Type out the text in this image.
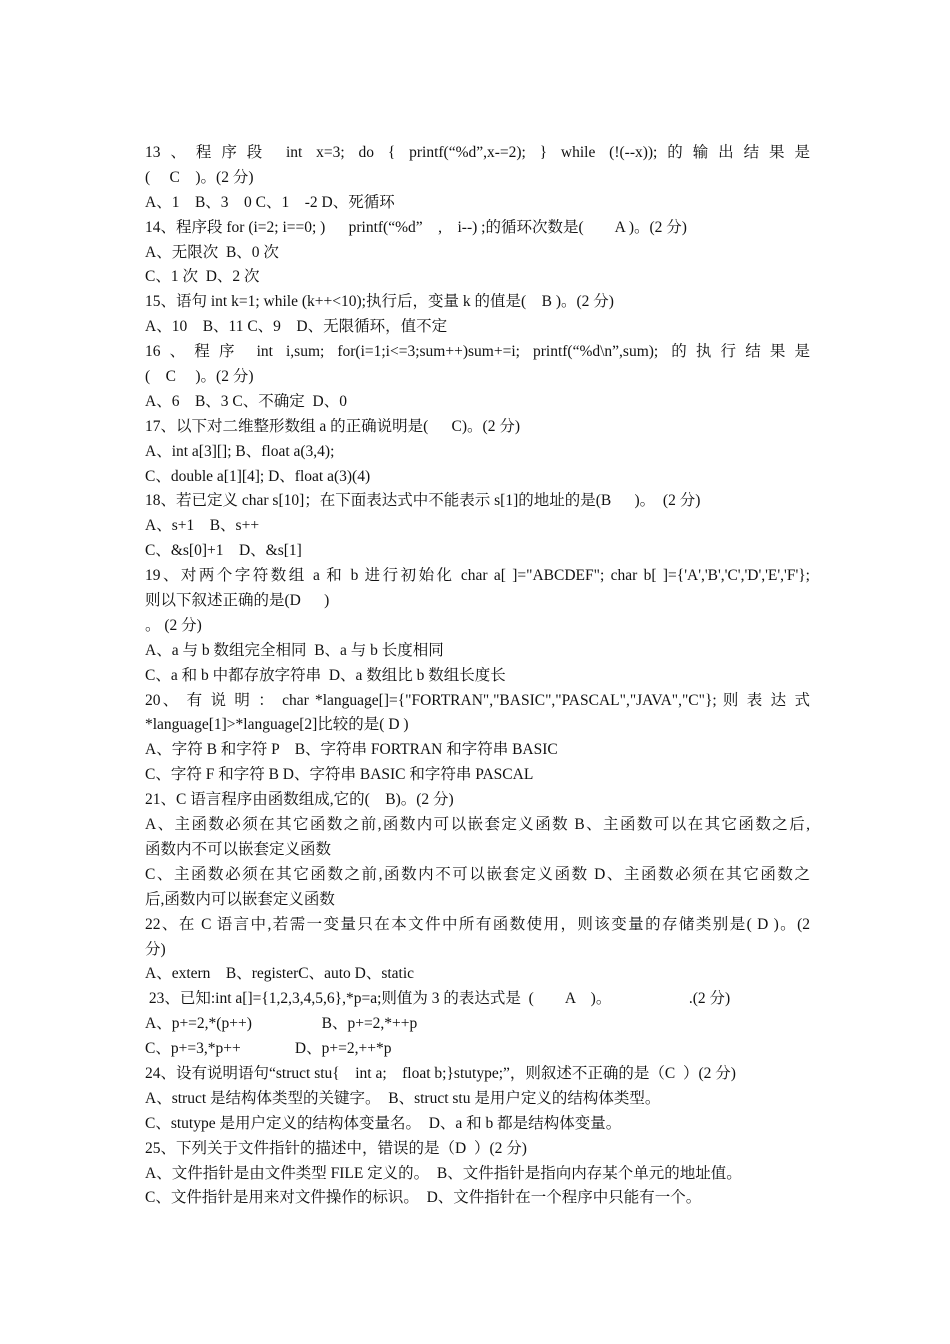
13、程序段 int x=3; do { printf(“%d”,x-=2); } while (!(--x));的输出结果是
(     C    )。(2 分)
A、1    B、3    0 C、1    -2 D、死循环
14、程序段 for (i=2; i==0; )      printf(“%d”    ,    i--) ;的循环次数是(        A )。(2 分)
A、无限次  B、0 次
C、1 次  D、2 次
15、语句 int k=1; while (k++<10);执行后，变量 k 的值是(    B )。(2 分)
A、10    B、11 C、9    D、无限循环，值不定
16、程序 int i,sum; for(i=1;i<=3;sum++)sum+=i; printf(“%d\n”,sum); 的执行结果是
(    C     )。(2 分)
A、6    B、3 C、不确定  D、0
17、以下对二维整形数组 a 的正确说明是(      C)。(2 分)
A、int a[3][]; B、float a(3,4);
C、double a[1][4]; D、float a(3)(4)
18、若已定义 char s[10]；在下面表达式中不能表示 s[1]的地址的是(B      )。  (2 分)
A、s+1    B、s++
C、&s[0]+1    D、&s[1]
19、对两个字符数组 a 和 b 进行初始化 char a[ ]="ABCDEF"; char b[ ]={'A','B','C','D','E','F'};
则以下叙述正确的是(D      )
。 (2 分)
A、a 与 b 数组完全相同  B、a 与 b 长度相同
C、a 和 b 中都存放字符串  D、a 数组比 b 数组长度长
20、 有 说 明 ： char *language[]={"FORTRAN","BASIC","PASCAL","JAVA","C"}; 则 表 达 式
*language[1]>*language[2]比较的是( D )
A、字符 B 和字符 P    B、字符串 FORTRAN 和字符串 BASIC
C、字符 F 和字符 B D、字符串 BASIC 和字符串 PASCAL
21、C 语言程序由函数组成,它的(    B)。(2 分)
A、主函数必须在其它函数之前,函数内可以嵌套定义函数 B、主函数可以在其它函数之后,
函数内不可以嵌套定义函数
C、主函数必须在其它函数之前,函数内不可以嵌套定义函数 D、主函数必须在其它函数之
后,函数内可以嵌套定义函数
22、在 C 语言中,若需一变量只在本文件中所有函数使用，则该变量的存储类别是( D )。(2
分)
A、extern    B、registerC、auto D、static
23、已知:int a[]={1,2,3,4,5,6},*p=a;则值为 3 的表达式是  (        A    )。                    .(2 分)
A、p+=2,*(p++)                  B、p+=2,*++p
C、p+=3,*p++              D、p+=2,++*p
24、设有说明语句“struct stu{    int a;    float b;}stutype;”，则叙述不正确的是（C  ）(2 分)
A、struct 是结构体类型的关键字。  B、struct stu 是用户定义的结构体类型。
C、stutype 是用户定义的结构体变量名。  D、a 和 b 都是结构体变量。
25、下列关于文件指针的描述中，错误的是（D  ）(2 分)
A、文件指针是由文件类型 FILE 定义的。  B、文件指针是指向内存某个单元的地址值。
C、文件指针是用来对文件操作的标识。  D、文件指针在一个程序中只能有一个。
